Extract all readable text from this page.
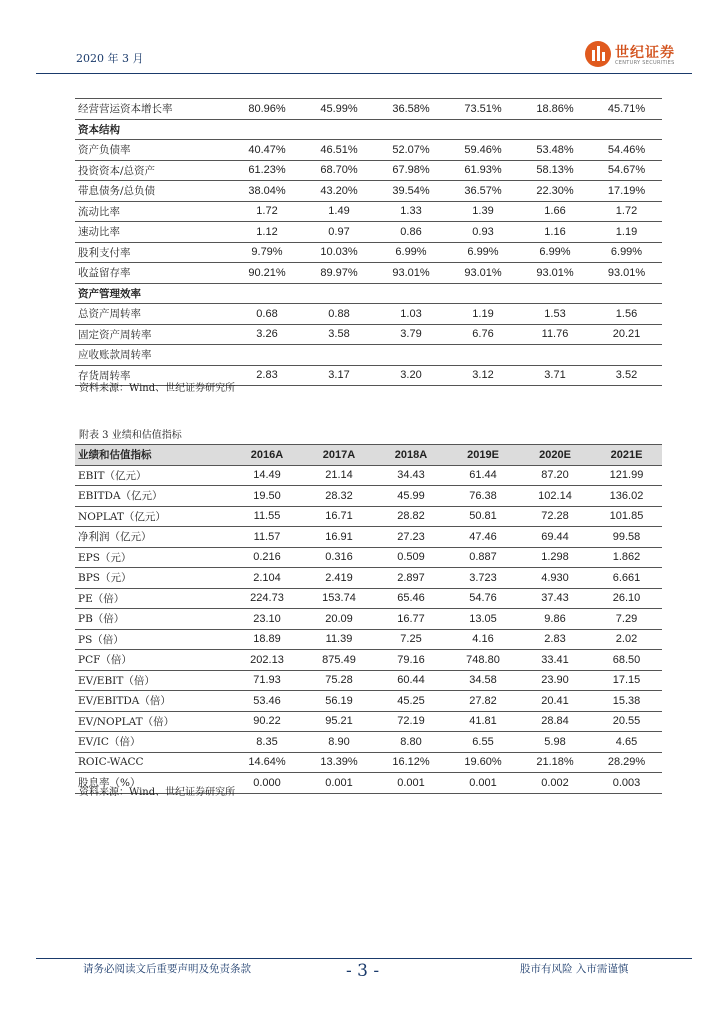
2020 年 3 月	世纪证券
CENTURY SECURITIES
经营营运资本增长率	80.96%	45.99%	36.58%	73.51%	18.86%	45.71%
资本结构						
资产负债率	40.47%	46.51%	52.07%	59.46%	53.48%	54.46%
投资资本/总资产	61.23%	68.70%	67.98%	61.93%	58.13%	54.67%
带息债务/总负债	38.04%	43.20%	39.54%	36.57%	22.30%	17.19%
流动比率	1.72	1.49	1.33	1.39	1.66	1.72
速动比率	1.12	0.97	0.86	0.93	1.16	1.19
股利支付率	9.79%	10.03%	6.99%	6.99%	6.99%	6.99%
收益留存率	90.21%	89.97%	93.01%	93.01%	93.01%	93.01%
资产管理效率						
总资产周转率	0.68	0.88	1.03	1.19	1.53	1.56
固定资产周转率	3.26	3.58	3.79	6.76	11.76	20.21
应收账款周转率						
存货周转率	2.83	3.17	3.20	3.12	3.71	3.52
资料来源：Wind、世纪证券研究所
附表 3 业绩和估值指标
业绩和估值指标	2016A	2017A	2018A	2019E	2020E	2021E
EBIT（亿元）	14.49	21.14	34.43	61.44	87.20	121.99
EBITDA（亿元）	19.50	28.32	45.99	76.38	102.14	136.02
NOPLAT（亿元）	11.55	16.71	28.82	50.81	72.28	101.85
净利润（亿元）	11.57	16.91	27.23	47.46	69.44	99.58
EPS（元）	0.216	0.316	0.509	0.887	1.298	1.862
BPS（元）	2.104	2.419	2.897	3.723	4.930	6.661
PE（倍）	224.73	153.74	65.46	54.76	37.43	26.10
PB（倍）	23.10	20.09	16.77	13.05	9.86	7.29
PS（倍）	18.89	11.39	7.25	4.16	2.83	2.02
PCF（倍）	202.13	875.49	79.16	748.80	33.41	68.50
EV/EBIT（倍）	71.93	75.28	60.44	34.58	23.90	17.15
EV/EBITDA（倍）	53.46	56.19	45.25	27.82	20.41	15.38
EV/NOPLAT（倍）	90.22	95.21	72.19	41.81	28.84	20.55
EV/IC（倍）	8.35	8.90	8.80	6.55	5.98	4.65
ROIC-WACC	14.64%	13.39%	16.12%	19.60%	21.18%	28.29%
股息率（%）	0.000	0.001	0.001	0.001	0.002	0.003
资料来源：Wind、世纪证券研究所
请务必阅读文后重要声明及免责条款	- 3 -	股市有风险 入市需谨慎
